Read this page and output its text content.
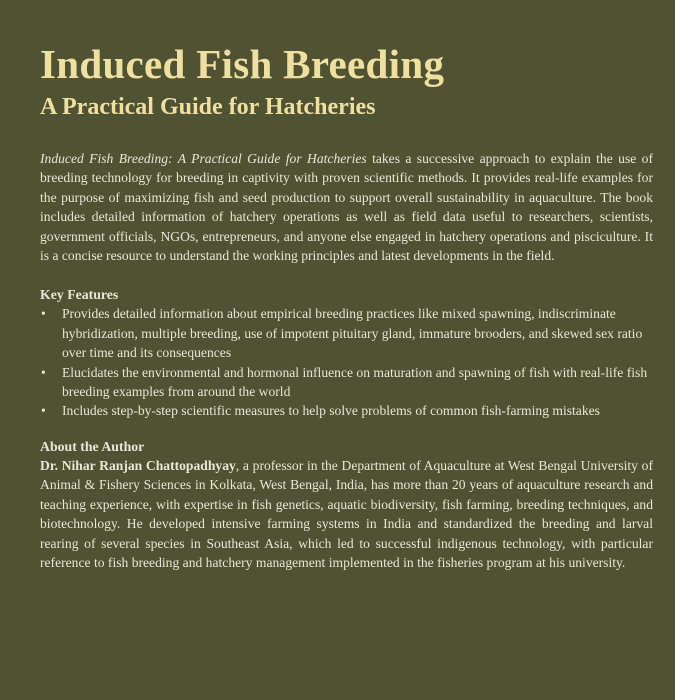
Induced Fish Breeding
A Practical Guide for Hatcheries

Induced Fish Breeding: A Practical Guide for Hatcheries takes a successive approach to explain the use of breeding technology for breeding in captivity with proven scientific methods. It provides real-life examples for the purpose of maximizing fish and seed production to support overall sustainability in aquaculture. The book includes detailed information of hatchery operations as well as field data useful to researchers, scientists, government officials, NGOs, entrepreneurs, and anyone else engaged in hatchery operations and pisciculture. It is a concise resource to understand the working principles and latest developments in the field.

Key Features
• Provides detailed information about empirical breeding practices like mixed spawning, indiscriminate hybridization, multiple breeding, use of impotent pituitary gland, immature brooders, and skewed sex ratio over time and its consequences
• Elucidates the environmental and hormonal influence on maturation and spawning of fish with real-life fish breeding examples from around the world
• Includes step-by-step scientific measures to help solve problems of common fish-farming mistakes
About the Author

Dr. Nihar Ranjan Chattopadhyay, a professor in the Department of Aquaculture at West Bengal University of Animal & Fishery Sciences in Kolkata, West Bengal, India, has more than 20 years of aquaculture research and teaching experience, with expertise in fish genetics, aquatic biodiversity, fish farming, breeding techniques, and biotechnology. He developed intensive farming systems in India and standardized the breeding and larval rearing of several species in Southeast Asia, which led to successful indigenous technology, with particular reference to fish breeding and hatchery management implemented in the fisheries program at his university.
